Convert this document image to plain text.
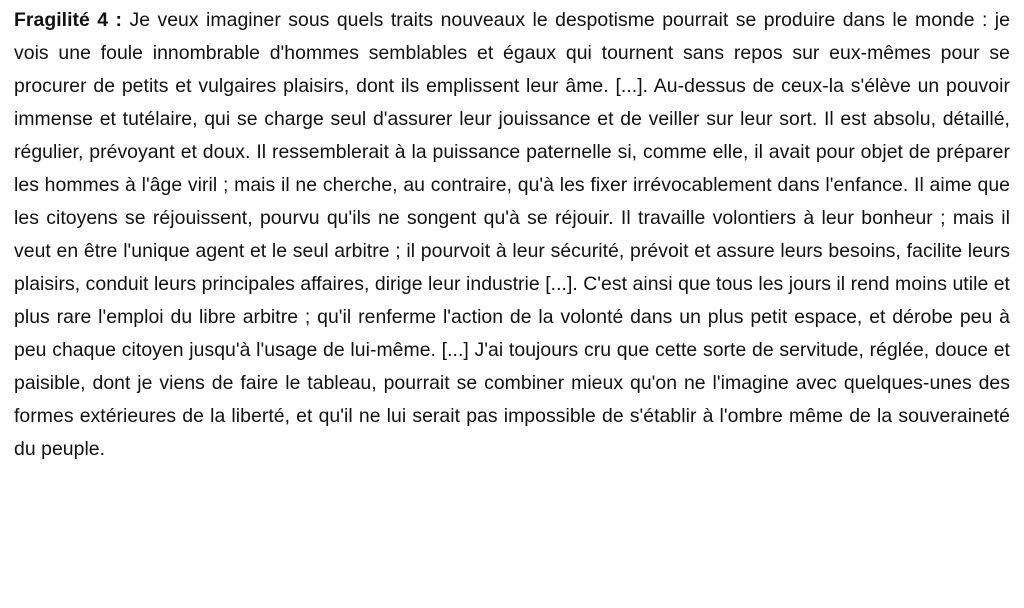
Fragilité 4 : Je veux imaginer sous quels traits nouveaux le despotisme pourrait se produire dans le monde : je vois une foule innombrable d'hommes semblables et égaux qui tournent sans repos sur eux-mêmes pour se procurer de petits et vulgaires plaisirs, dont ils emplissent leur âme. [...]. Au-dessus de ceux-la s'élève un pouvoir immense et tutélaire, qui se charge seul d'assurer leur jouissance et de veiller sur leur sort. Il est absolu, détaillé, régulier, prévoyant et doux. Il ressemblerait à la puissance paternelle si, comme elle, il avait pour objet de préparer les hommes à l'âge viril ; mais il ne cherche, au contraire, qu'à les fixer irrévocablement dans l'enfance. Il aime que les citoyens se réjouissent, pourvu qu'ils ne songent qu'à se réjouir. Il travaille volontiers à leur bonheur ; mais il veut en être l'unique agent et le seul arbitre ; il pourvoit à leur sécurité, prévoit et assure leurs besoins, facilite leurs plaisirs, conduit leurs principales affaires, dirige leur industrie [...]. C'est ainsi que tous les jours il rend moins utile et plus rare l'emploi du libre arbitre ; qu'il renferme l'action de la volonté dans un plus petit espace, et dérobe peu à peu chaque citoyen jusqu'à l'usage de lui-même. [...] J'ai toujours cru que cette sorte de servitude, réglée, douce et paisible, dont je viens de faire le tableau, pourrait se combiner mieux qu'on ne l'imagine avec quelques-unes des formes extérieures de la liberté, et qu'il ne lui serait pas impossible de s'établir à l'ombre même de la souveraineté du peuple.
